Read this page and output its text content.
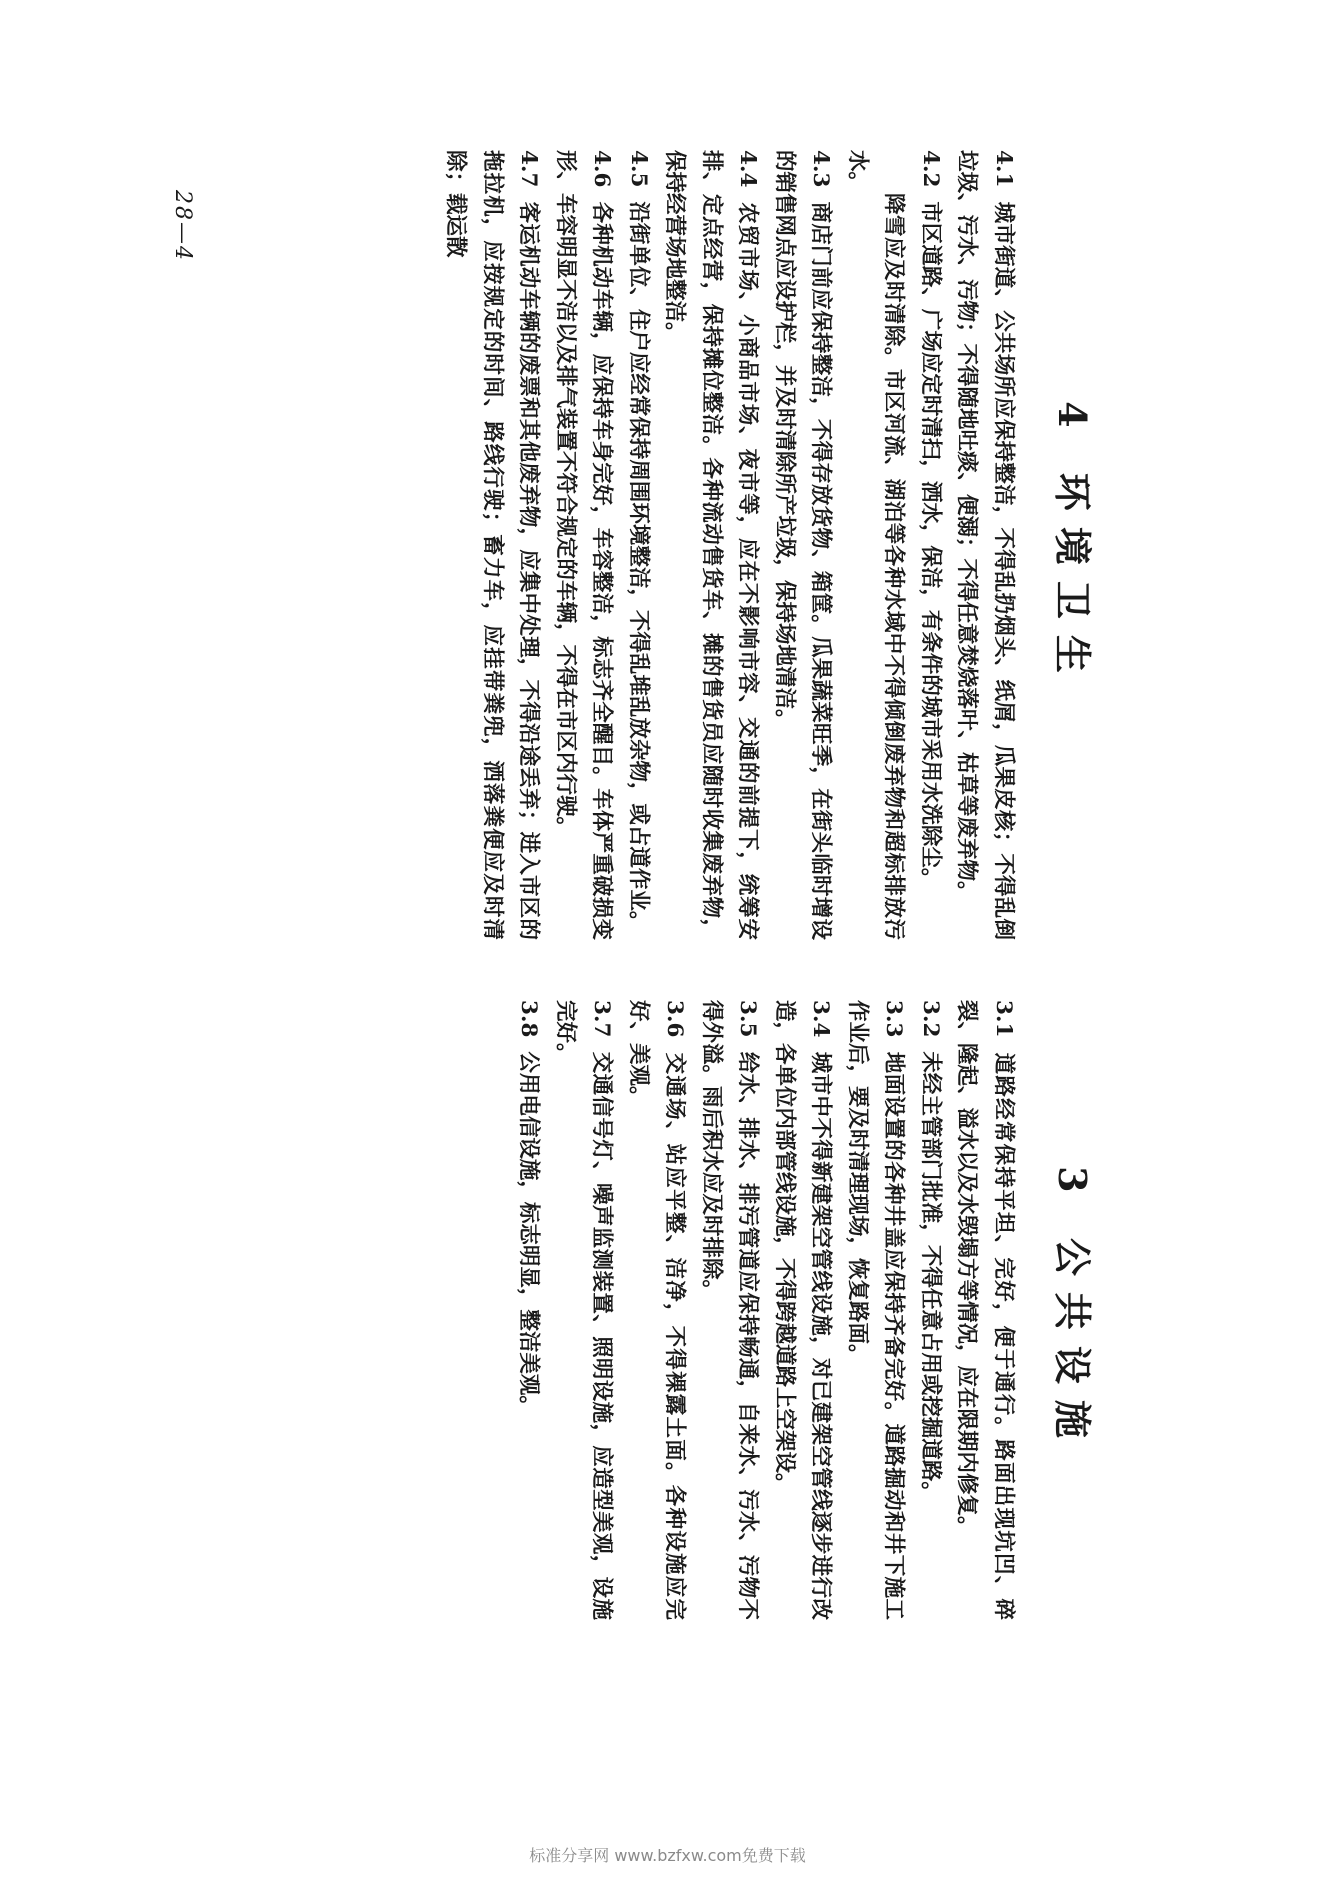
28—4
3 公共设施

3.1道路经常保持平坦、完好，便于通行。路面出现坑凹、碎裂、隆起、溢水以及水毁塌方等情况，应在限期内修复。

3.2未经主管部门批准，不得任意占用或挖掘道路。

3.3地面设置的各种井盖应保持齐备完好。道路掘动和井下施工作业后，要及时清理现场，恢复路面。

3.4城市中不得新建架空管线设施，对已建架空管线逐步进行改造，各单位内部管线设施，不得跨越道路上空架设。

3.5给水、排水、排污管道应保持畅通，自来水、污水、污物不得外溢。雨后积水应及时排除。

3.6交通场、站应平整、洁净，不得裸露土面。各种设施应完好、美观。

3.7交通信号灯、噪声监测装置、照明设施，应造型美观，设施完好。

3.8公用电信设施，标志明显，整洁美观。

4 环境卫生

4.1城市街道、公共场所应保持整洁，不得乱扔烟头、纸屑，瓜果皮核；不得乱倒垃圾、污水、污物；不得随地吐痰、便溺；不得任意焚烧落叶、枯草等废弃物。

4.2市区道路、广场应定时清扫，洒水，保洁，有条件的城市采用水洗除尘。

降雪应及时清除。市区河流、湖泊等各种水域中不得倾倒废弃物和超标排放污水。

4.3商店门前应保持整洁，不得存放货物、箱筐。瓜果蔬菜旺季，在街头临时增设的销售网点应设护栏，并及时清除所产垃圾，保持场地清洁。

4.4农贸市场、小商品市场、夜市等，应在不影响市容、交通的前提下，统筹安排、定点经营，保持摊位整洁。各种流动售货车、摊的售货员应随时收集废弃物，保持经营场地整洁。

4.5沿街单位、住户应经常保持周围环境整洁，不得乱堆乱放杂物，或占道作业。

4.6各种机动车辆，应保持车身完好，车容整洁，标志齐全醒目。车体严重破损变形、车容明显不洁以及排气装置不符合规定的车辆，不得在市区内行驶。

4.7客运机动车辆的废票和其他废弃物，应集中处理，不得沿途丢弃；进入市区的拖拉机，应按规定的时间、路线行驶；畜力车，应挂带粪兜，洒落粪便应及时清除；载运散

标准分享网 www.bzfxw.com免费下载
